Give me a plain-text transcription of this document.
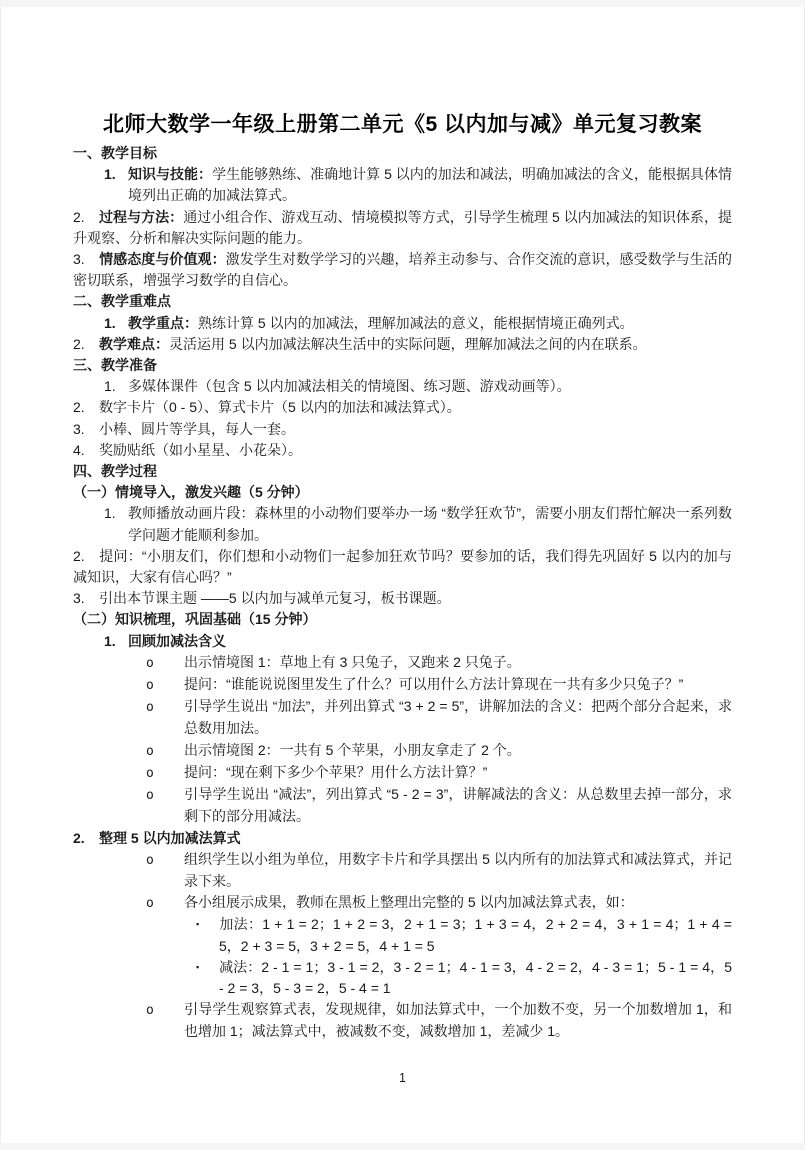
北师大数学一年级上册第二单元《5 以内加与减》单元复习教案

一、教学目标

1. 知识与技能：学生能够熟练、准确地计算 5 以内的加法和减法，明确加减法的含义，能根据具体情境列出正确的加减法算式。

2. 过程与方法：通过小组合作、游戏互动、情境模拟等方式，引导学生梳理 5 以内加减法的知识体系，提升观察、分析和解决实际问题的能力。

3. 情感态度与价值观：激发学生对数学学习的兴趣，培养主动参与、合作交流的意识，感受数学与生活的密切联系，增强学习数学的自信心。

二、教学重难点

1. 教学重点：熟练计算 5 以内的加减法，理解加减法的意义，能根据情境正确列式。

2. 教学难点：灵活运用 5 以内加减法解决生活中的实际问题，理解加减法之间的内在联系。

三、教学准备

1. 多媒体课件（包含 5 以内加减法相关的情境图、练习题、游戏动画等）。

2. 数字卡片（0 - 5）、算式卡片（5 以内的加法和减法算式）。

3. 小棒、圆片等学具，每人一套。

4. 奖励贴纸（如小星星、小花朵）。

四、教学过程

（一）情境导入，激发兴趣（5 分钟）

1. 教师播放动画片段：森林里的小动物们要举办一场 “数学狂欢节”，需要小朋友们帮忙解决一系列数学问题才能顺利参加。

2. 提问：“小朋友们，你们想和小动物们一起参加狂欢节吗？要参加的话，我们得先巩固好 5 以内的加与减知识，大家有信心吗？”

3. 引出本节课主题 ——5 以内加与减单元复习，板书课题。

（二）知识梳理，巩固基础（15 分钟）

1. 回顾加减法含义

o 出示情境图 1：草地上有 3 只兔子，又跑来 2 只兔子。

o 提问：“谁能说说图里发生了什么？可以用什么方法计算现在一共有多少只兔子？”

o 引导学生说出 “加法”，并列出算式 “3 + 2 = 5”，讲解加法的含义：把两个部分合起来，求总数用加法。

o 出示情境图 2：一共有 5 个苹果，小朋友拿走了 2 个。

o 提问：“现在剩下多少个苹果？用什么方法计算？”

o 引导学生说出 “减法”，列出算式 “5 - 2 = 3”，讲解减法的含义：从总数里去掉一部分，求剩下的部分用减法。

2. 整理 5 以内加减法算式

o 组织学生以小组为单位，用数字卡片和学具摆出 5 以内所有的加法算式和减法算式，并记录下来。

o 各小组展示成果，教师在黑板上整理出完整的 5 以内加减法算式表，如：

▪ 加法：1 + 1 = 2；1 + 2 = 3，2 + 1 = 3；1 + 3 = 4，2 + 2 = 4，3 + 1 = 4；1 + 4 = 5，2 + 3 = 5，3 + 2 = 5，4 + 1 = 5

▪ 减法：2 - 1 = 1；3 - 1 = 2，3 - 2 = 1；4 - 1 = 3，4 - 2 = 2，4 - 3 = 1；5 - 1 = 4，5 - 2 = 3，5 - 3 = 2，5 - 4 = 1

o 引导学生观察算式表，发现规律，如加法算式中，一个加数不变，另一个加数增加 1，和也增加 1；减法算式中，被减数不变，减数增加 1，差减少 1。

1
